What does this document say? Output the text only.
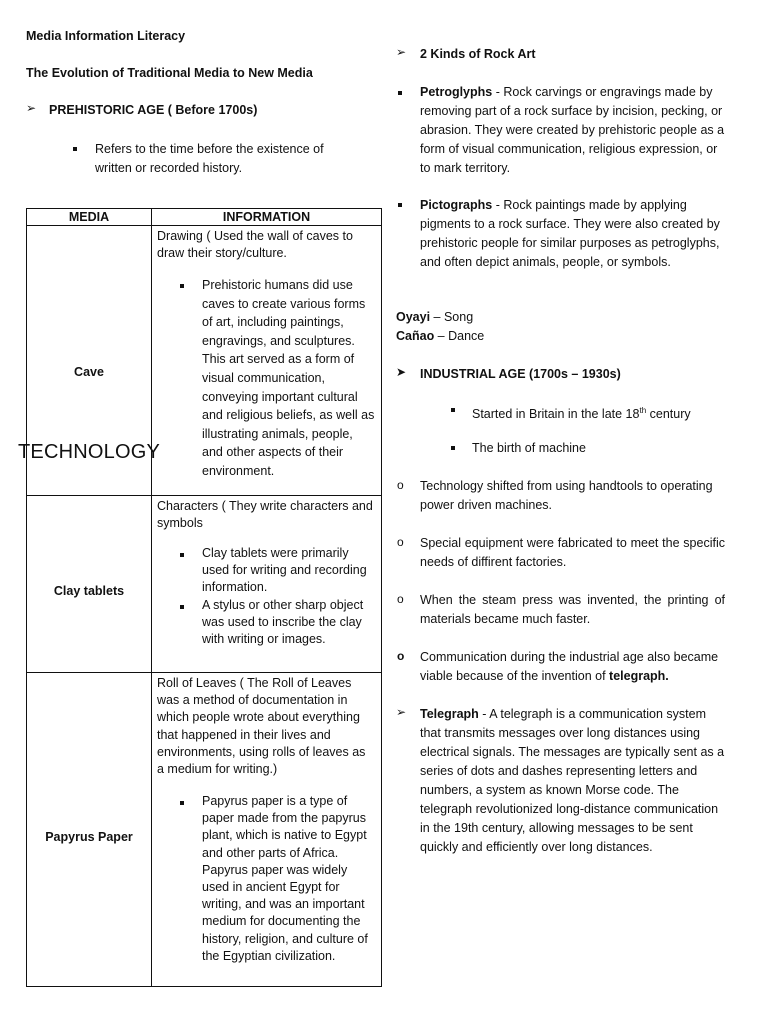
Media Information Literacy
The Evolution of Traditional Media to New Media
➢ PREHISTORIC AGE ( Before 1700s)
Refers to the time before the existence of written or recorded history.
MEDIA	INFORMATION

Cave	Drawing ( Used the wall of caves to draw their story/culture.
Prehistoric humans did use caves to create various forms of art, including paintings, engravings, and sculptures. This art served as a form of visual communication, conveying important cultural and religious beliefs, as well as illustrating animals, people, and other aspects of their environment.

Clay tablets	Characters ( They write characters and symbols
Clay tablets were primarily used for writing and recording information.
A stylus or other sharp object was used to inscribe the clay with writing or images.

Papyrus Paper	Roll of Leaves ( The Roll of Leaves was a method of documentation in which people wrote about everything that happened in their lives and environments, using rolls of leaves as a medium for writing.)
Papyrus paper is a type of paper made from the papyrus plant, which is native to Egypt and other parts of Africa. Papyrus paper was widely used in ancient Egypt for writing, and was an important medium for documenting the history, religion, and culture of the Egyptian civilization.
TECHNOLOGY
➢ 2 Kinds of Rock Art
Petroglyphs - Rock carvings or engravings made by removing part of a rock surface by incision, pecking, or abrasion. They were created by prehistoric people as a form of visual communication, religious expression, or to mark territory.
Pictographs - Rock paintings made by applying pigments to a rock surface. They were also created by prehistoric people for similar purposes as petroglyphs, and often depict animals, people, or symbols.
Oyayi – Song
Cañao – Dance
➤ INDUSTRIAL AGE (1700s – 1930s)
Started in Britain in the late 18th century
The birth of machine
o Technology shifted from using handtools to operating power driven machines.
o Special equipment were fabricated to meet the specific needs of diffirent factories.
o When the steam press was invented, the printing of materials became much faster.
o Communication during the industrial age also became viable because of the invention of telegraph.
➢ Telegraph - A telegraph is a communication system that transmits messages over long distances using electrical signals. The messages are typically sent as a series of dots and dashes representing letters and numbers, a system as known Morse code. The telegraph revolutionized long-distance communication in the 19th century, allowing messages to be sent quickly and efficiently over long distances.
